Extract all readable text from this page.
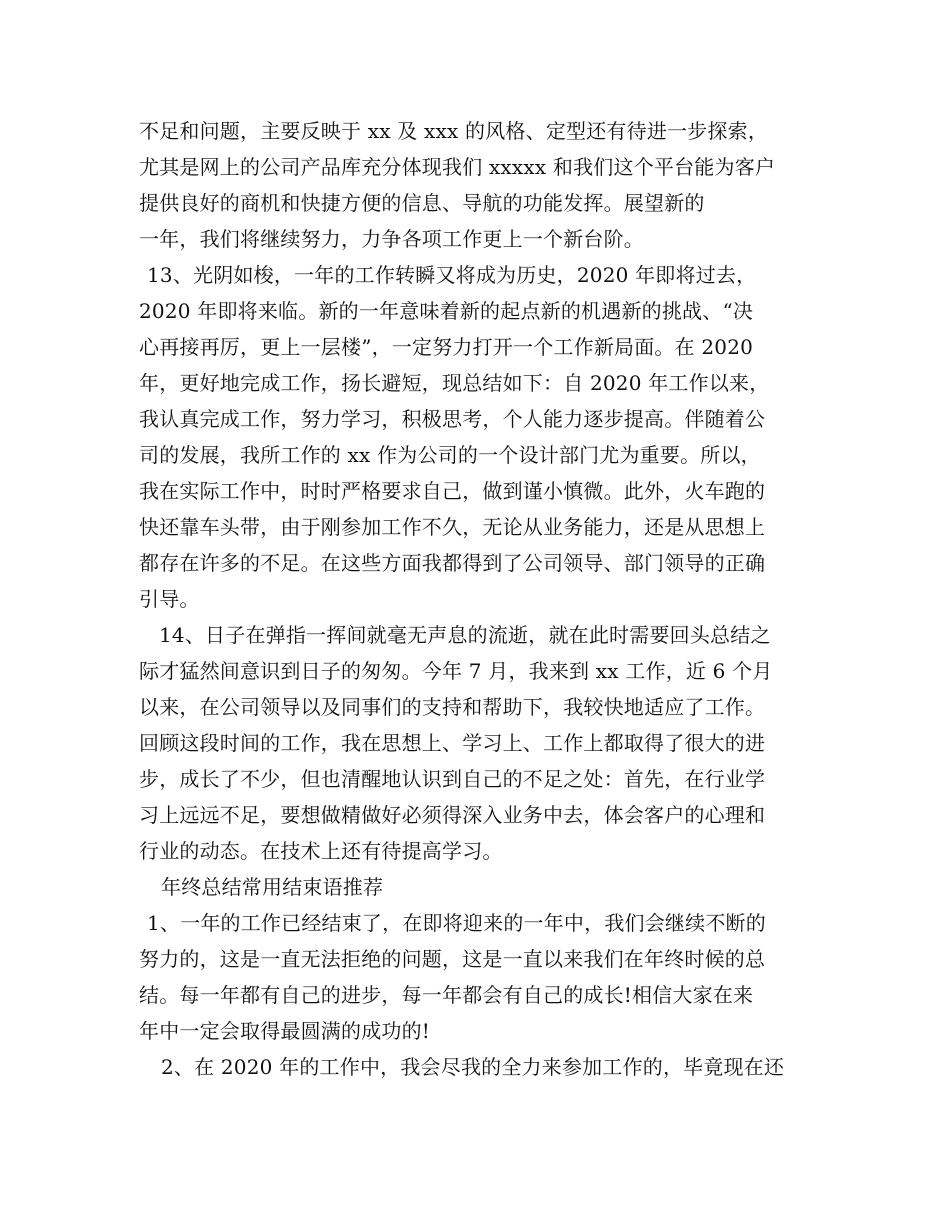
不足和问题，主要反映于 xx 及 xxx 的风格、定型还有待进一步探索，
尤其是网上的公司产品库充分体现我们 xxxxx 和我们这个平台能为客户
提供良好的商机和快捷方便的信息、导航的功能发挥。展望新的
一年，我们将继续努力，力争各项工作更上一个新台阶。
13、光阴如梭，一年的工作转瞬又将成为历史，2020 年即将过去，
2020 年即将来临。新的一年意味着新的起点新的机遇新的挑战、“决
心再接再厉，更上一层楼”，一定努力打开一个工作新局面。在 2020
年，更好地完成工作，扬长避短，现总结如下：自 2020 年工作以来，
我认真完成工作，努力学习，积极思考，个人能力逐步提高。伴随着公
司的发展，我所工作的 xx 作为公司的一个设计部门尤为重要。所以，
我在实际工作中，时时严格要求自己，做到谨小慎微。此外，火车跑的
快还靠车头带，由于刚参加工作不久，无论从业务能力，还是从思想上
都存在许多的不足。在这些方面我都得到了公司领导、部门领导的正确
引导。
14、日子在弹指一挥间就毫无声息的流逝，就在此时需要回头总结之
际才猛然间意识到日子的匆匆。今年 7 月，我来到 xx 工作，近 6 个月
以来，在公司领导以及同事们的支持和帮助下，我较快地适应了工作。
回顾这段时间的工作，我在思想上、学习上、工作上都取得了很大的进
步，成长了不少，但也清醒地认识到自己的不足之处：首先，在行业学
习上远远不足，要想做精做好必须得深入业务中去，体会客户的心理和
行业的动态。在技术上还有待提高学习。
年终总结常用结束语推荐
1、一年的工作已经结束了，在即将迎来的一年中，我们会继续不断的
努力的，这是一直无法拒绝的问题，这是一直以来我们在年终时候的总
结。每一年都有自己的进步，每一年都会有自己的成长!相信大家在来
年中一定会取得最圆满的成功的!
2、在 2020 年的工作中，我会尽我的全力来参加工作的，毕竟现在还
